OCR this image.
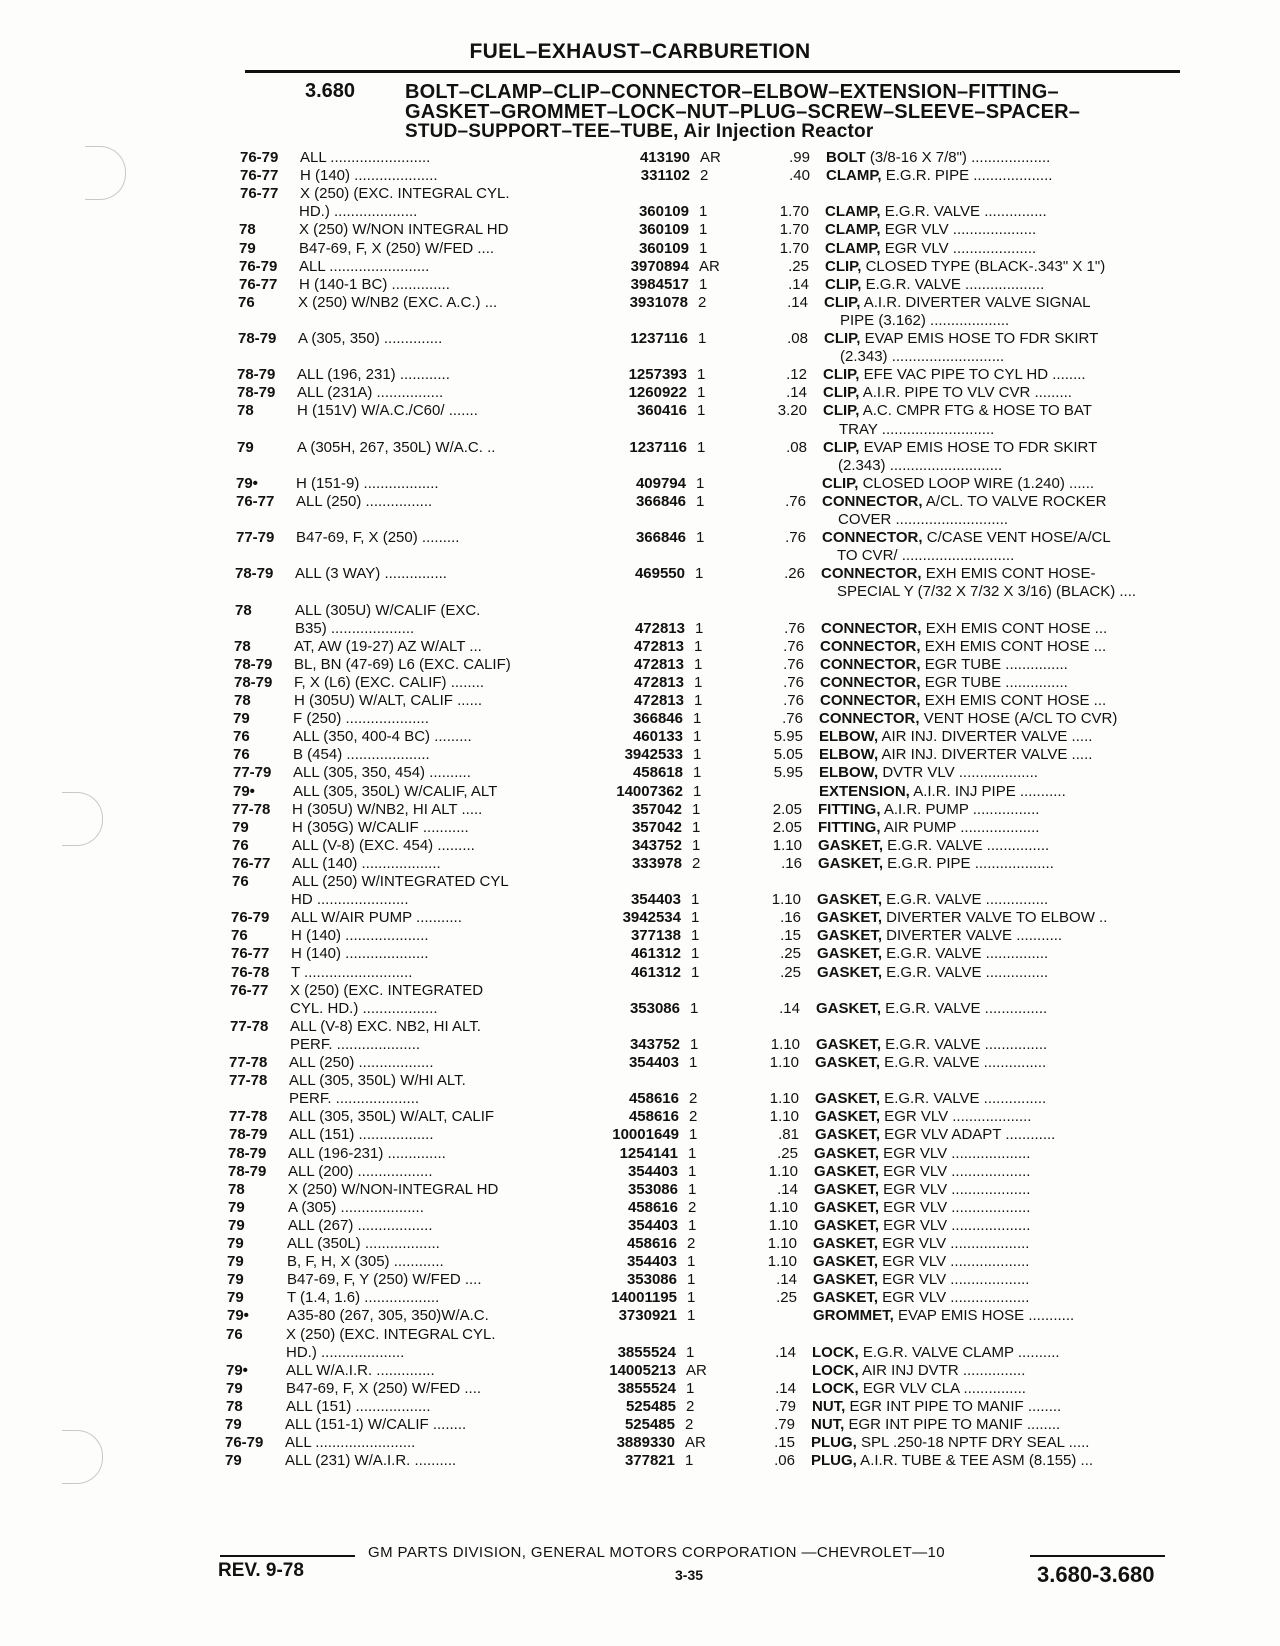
FUEL–EXHAUST–CARBURETION
3.680 BOLT–CLAMP–CLIP–CONNECTOR–ELBOW–EXTENSION–FITTING–
GASKET–GROMMET–LOCK–NUT–PLUG–SCREW–SLEEVE–SPACER–
STUD–SUPPORT–TEE–TUBE, Air Injection Reactor
76-79 ALL ........................	413190 AR	.99 BOLT (3/8-16 X 7/8") ...................
76-77 H (140) ....................	331102 2	.40 CLAMP, E.G.R. PIPE ...................
76-77 X (250) (EXC. INTEGRAL CYL.
HD.) ....................	360109 1	1.70 CLAMP, E.G.R. VALVE ...............
78	X (250) W/NON INTEGRAL HD	360109 1	1.70 CLAMP, EGR VLV ....................
79	B47-69, F, X (250) W/FED ....	360109 1	1.70 CLAMP, EGR VLV ....................
76-79 ALL ........................	3970894 AR	.25 CLIP, CLOSED TYPE (BLACK-.343" X 1")
76-77 H (140-1 BC) ..............	3984517 1	.14 CLIP, E.G.R. VALVE ...................
76	X (250) W/NB2 (EXC. A.C.) ...	3931078 2	.14 CLIP, A.I.R. DIVERTER VALVE SIGNAL
PIPE (3.162) ...................
78-79 A (305, 350) ..............	1237116 1	.08 CLIP, EVAP EMIS HOSE TO FDR SKIRT
(2.343) ...........................
78-79 ALL (196, 231) ............	1257393 1	.12 CLIP, EFE VAC PIPE TO CYL HD ........
78-79 ALL (231A) ................	1260922 1	.14 CLIP, A.I.R. PIPE TO VLV CVR .........
78	H (151V) W/A.C./C60/ .......	360416 1	3.20 CLIP, A.C. CMPR FTG & HOSE TO BAT
TRAY ...........................
79	A (305H, 267, 350L) W/A.C. ..	1237116 1	.08 CLIP, EVAP EMIS HOSE TO FDR SKIRT
(2.343) ...........................
79•	H (151-9) ..................	409794 1	CLIP, CLOSED LOOP WIRE (1.240) ......
76-77 ALL (250) ................	366846 1	.76 CONNECTOR, A/CL. TO VALVE ROCKER
COVER ...........................
77-79 B47-69, F, X (250) .........	366846 1	.76 CONNECTOR, C/CASE VENT HOSE/A/CL
TO CVR/ ...........................
78-79 ALL (3 WAY) ...............	469550 1	.26 CONNECTOR, EXH EMIS CONT HOSE-
SPECIAL Y (7/32 X 7/32 X 3/16) (BLACK) ....
78	ALL (305U) W/CALIF (EXC.
B35) ....................	472813 1	.76 CONNECTOR, EXH EMIS CONT HOSE ...
78	AT, AW (19-27) AZ W/ALT ...	472813 1	.76 CONNECTOR, EXH EMIS CONT HOSE ...
78-79 BL, BN (47-69) L6 (EXC. CALIF)	472813 1	.76 CONNECTOR, EGR TUBE ...............
78-79 F, X (L6) (EXC. CALIF) ........	472813 1	.76 CONNECTOR, EGR TUBE ...............
78	H (305U) W/ALT, CALIF ......	472813 1	.76 CONNECTOR, EXH EMIS CONT HOSE ...
79	F (250) ....................	366846 1	.76 CONNECTOR, VENT HOSE (A/CL TO CVR)
76	ALL (350, 400-4 BC) .........	460133 1	5.95 ELBOW, AIR INJ. DIVERTER VALVE .....
76	B (454) ....................	3942533 1	5.05 ELBOW, AIR INJ. DIVERTER VALVE .....
77-79 ALL (305, 350, 454) ..........	458618 1	5.95 ELBOW, DVTR VLV ...................
79•	ALL (305, 350L) W/CALIF, ALT	14007362 1	EXTENSION, A.I.R. INJ PIPE ...........
77-78 H (305U) W/NB2, HI ALT .....	357042 1	2.05 FITTING, A.I.R. PUMP ................
79	H (305G) W/CALIF ...........	357042 1	2.05 FITTING, AIR PUMP ...................
76	ALL (V-8) (EXC. 454) .........	343752 1	1.10 GASKET, E.G.R. VALVE ...............
76-77 ALL (140) ...................	333978 2	.16 GASKET, E.G.R. PIPE ...................
76	ALL (250) W/INTEGRATED CYL
HD ......................	354403 1	1.10 GASKET, E.G.R. VALVE ...............
76-79 ALL W/AIR PUMP ...........	3942534 1	.16 GASKET, DIVERTER VALVE TO ELBOW ..
76	H (140) ....................	377138 1	.15 GASKET, DIVERTER VALVE ...........
76-77 H (140) ....................	461312 1	.25 GASKET, E.G.R. VALVE ...............
76-78 T ..........................	461312 1	.25 GASKET, E.G.R. VALVE ...............
76-77 X (250) (EXC. INTEGRATED
CYL. HD.) ..................	353086 1	.14 GASKET, E.G.R. VALVE ...............
77-78 ALL (V-8) EXC. NB2, HI ALT.
PERF. ....................	343752 1	1.10 GASKET, E.G.R. VALVE ...............
77-78 ALL (250) ..................	354403 1	1.10 GASKET, E.G.R. VALVE ...............
77-78 ALL (305, 350L) W/HI ALT.
PERF. ....................	458616 2	1.10 GASKET, E.G.R. VALVE ...............
77-78 ALL (305, 350L) W/ALT, CALIF	458616 2	1.10 GASKET, EGR VLV ...................
78-79 ALL (151) ..................	10001649 1	.81 GASKET, EGR VLV ADAPT ............
78-79 ALL (196-231) ..............	1254141 1	.25 GASKET, EGR VLV ...................
78-79 ALL (200) ..................	354403 1	1.10 GASKET, EGR VLV ...................
78	X (250) W/NON-INTEGRAL HD	353086 1	.14 GASKET, EGR VLV ...................
79	A (305) ....................	458616 2	1.10 GASKET, EGR VLV ...................
79	ALL (267) ..................	354403 1	1.10 GASKET, EGR VLV ...................
79	ALL (350L) ..................	458616 2	1.10 GASKET, EGR VLV ...................
79	B, F, H, X (305) ............	354403 1	1.10 GASKET, EGR VLV ...................
79	B47-69, F, Y (250) W/FED ....	353086 1	.14 GASKET, EGR VLV ...................
79	T (1.4, 1.6) ..................	14001195 1	.25 GASKET, EGR VLV ...................
79•	A35-80 (267, 305, 350)W/A.C.	3730921 1	GROMMET, EVAP EMIS HOSE ...........
76	X (250) (EXC. INTEGRAL CYL.
HD.) ....................	3855524 1	.14 LOCK, E.G.R. VALVE CLAMP ..........
79•	ALL W/A.I.R. ..............	14005213 AR	LOCK, AIR INJ DVTR ...............
79	B47-69, F, X (250) W/FED ....	3855524 1	.14 LOCK, EGR VLV CLA ...............
78	ALL (151) ..................	525485 2	.79 NUT, EGR INT PIPE TO MANIF ........
79	ALL (151-1) W/CALIF ........	525485 2	.79 NUT, EGR INT PIPE TO MANIF ........
76-79 ALL ........................	3889330 AR	.15 PLUG, SPL .250-18 NPTF DRY SEAL .....
79	ALL (231) W/A.I.R. ..........	377821 1	.06 PLUG, A.I.R. TUBE & TEE ASM (8.155) ...
GM PARTS DIVISION, GENERAL MOTORS CORPORATION —CHEVROLET—10
REV. 9-78	3-35	3.680-3.680
